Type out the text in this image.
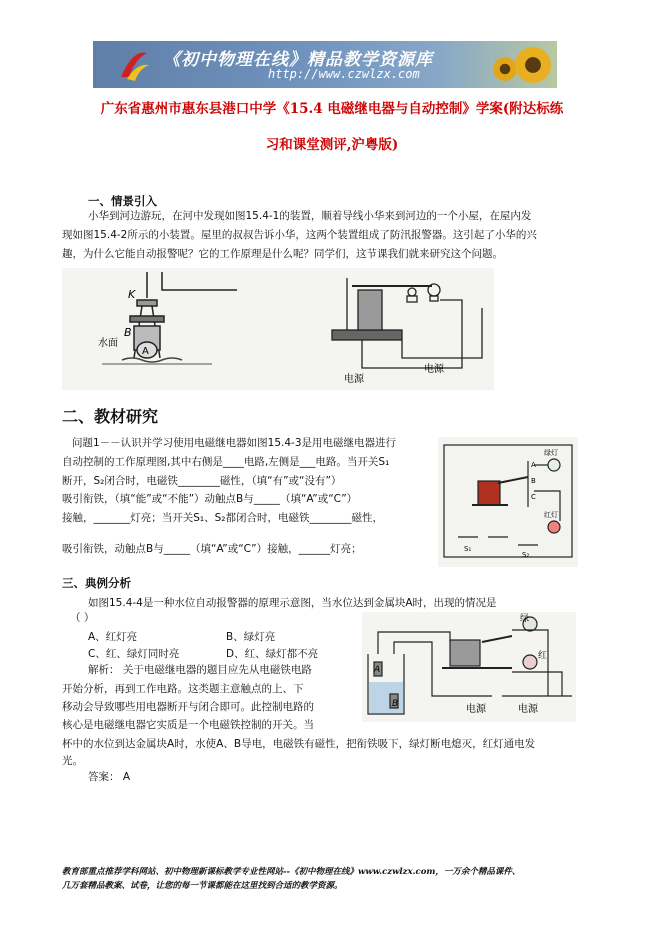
《初中物理在线》精品教学资源库
http://www.czwlzx.com
广东省惠州市惠东县港口中学《15.4 电磁继电器与自动控制》学案(附达标练
习和课堂测评,沪粤版)
一、情景引入
小华到河边游玩，在河中发现如图15.4-1的装置，顺着导线小华来到河边的一个小屋，在屋内发
现如图15.4-2所示的小装置。屋里的叔叔告诉小华，这两个装置组成了防汛报警器。这引起了小华的兴
趣，为什么它能自动报警呢？它的工作原理是什么呢？同学们，这节课我们就来研究这个问题。
K
水面
B
A
电源
电源
二、教材研究
问题1－－认识并学习使用电磁继电器如图15.4-3是用电磁继电器进行
自动控制的工作原理图,其中右侧是____电路,左侧是___电路。当开关S₁
断开，S₂闭合时，电磁铁________磁性，（填“有”或“没有”）
吸引衔铁，（填“能”或“不能”）动触点B与_____（填“A”或“C”）
接触，_______灯亮；当开关S₁、S₂都闭合时，电磁铁________磁性，
吸引衔铁，动触点B与_____（填“A”或“C”）接触，______灯亮；
绿灯
红灯
A
B
C
S₁
S₂
三、典例分析
如图15.4-4是一种水位自动报警器的原理示意图，当水位达到金属块A时，出现的情况是
（ ）
A、红灯亮	B、绿灯亮
C、红、绿灯同时亮	D、红、绿灯都不亮
解析： 关于电磁继电器的题目应先从电磁铁电路
开始分析，再到工作电路。这类题主意触点的上、下
移动会导致哪些用电器断开与闭合即可。此控制电路的
核心是电磁继电器它实质是一个电磁铁控制的开关。当
杯中的水位到达金属块A时，水使A、B导电，电磁铁有磁性，把衔铁吸下，绿灯断电熄灭，红灯通电发
光。
答案： A
绿
红
A
B	电源	电源
教育部重点推荐学科网站、初中物理新课标教学专业性网站--《初中物理在线》www.czwlzx.com，一万余个精品课件、
几万套精品教案、试卷，让您的每一节课都能在这里找到合适的教学资源。
